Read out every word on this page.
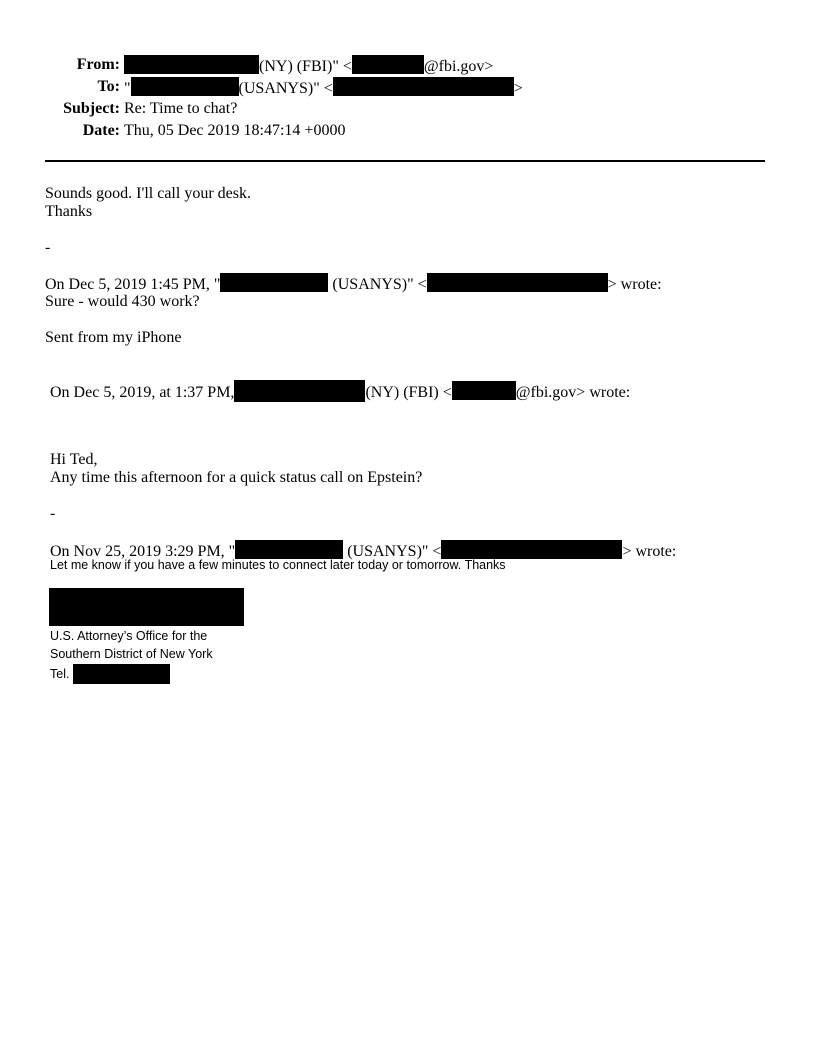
From:	(NY) (FBI)" <	@fbi.gov>
To: "	(USANYS)" <	>
Subject: Re: Time to chat?
Date: Thu, 05 Dec 2019 18:47:14 +0000
Sounds good. I'll call your desk.
Thanks
-
On Dec 5, 2019 1:45 PM, "	(USANYS)" <	> wrote:
Sure - would 430 work?
Sent from my iPhone
On Dec 5, 2019, at 1:37 PM,	(NY) (FBI) <	@fbi.gov> wrote:
Hi Ted,
Any time this afternoon for a quick status call on Epstein?
-
On Nov 25, 2019 3:29 PM, "	(USANYS)" <	> wrote:
Let me know if you have a few minutes to connect later today or tomorrow. Thanks
U.S. Attorney’s Office for the
Southern District of New York
Tel.
